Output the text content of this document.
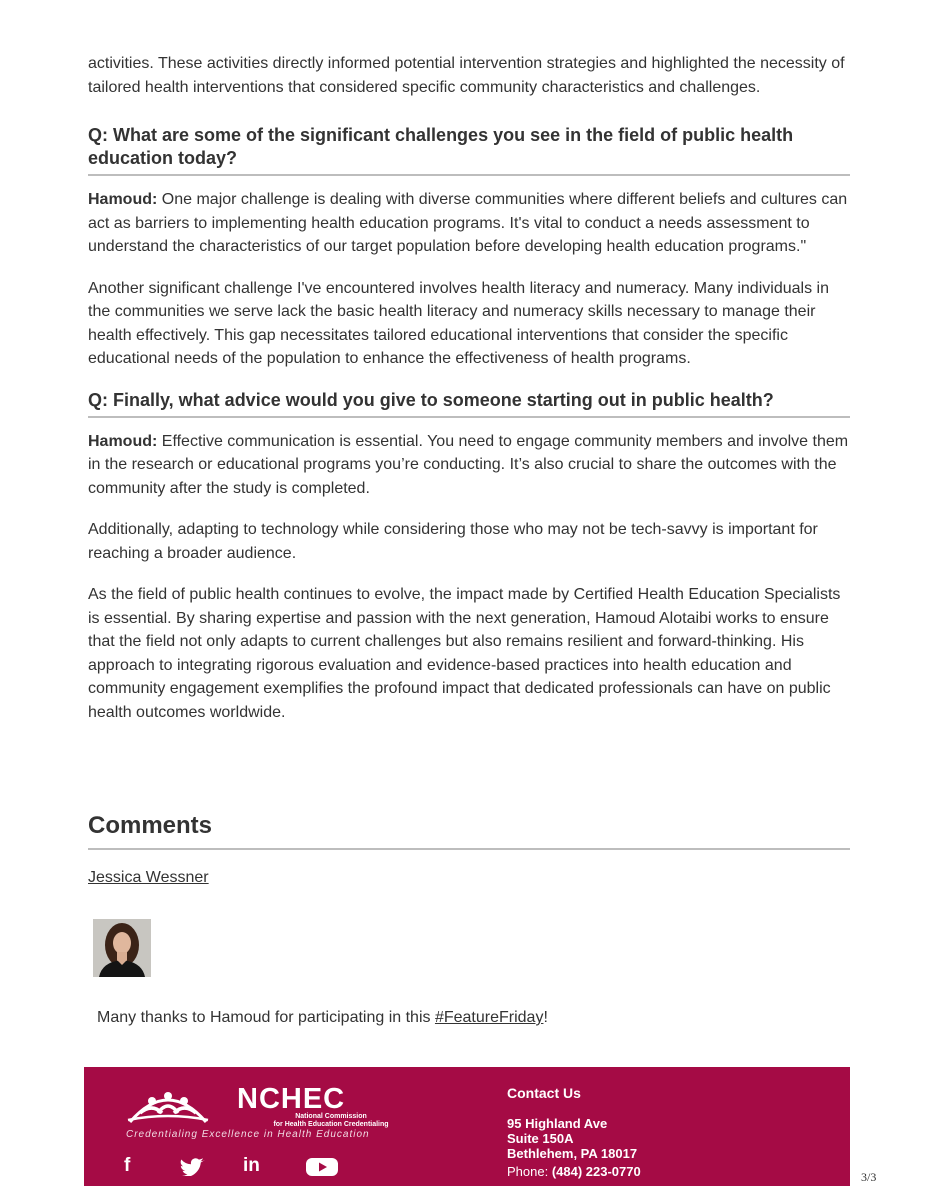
activities. These activities directly informed potential intervention strategies and highlighted the necessity of tailored health interventions that considered specific community characteristics and challenges.

Q: What are some of the significant challenges you see in the field of public health education today?

Hamoud: One major challenge is dealing with diverse communities where different beliefs and cultures can act as barriers to implementing health education programs. It's vital to conduct a needs assessment to understand the characteristics of our target population before developing health education programs."

Another significant challenge I've encountered involves health literacy and numeracy. Many individuals in the communities we serve lack the basic health literacy and numeracy skills necessary to manage their health effectively. This gap necessitates tailored educational interventions that consider the specific educational needs of the population to enhance the effectiveness of health programs.

Q: Finally, what advice would you give to someone starting out in public health?

Hamoud: Effective communication is essential. You need to engage community members and involve them in the research or educational programs you’re conducting. It’s also crucial to share the outcomes with the community after the study is completed.

Additionally, adapting to technology while considering those who may not be tech-savvy is important for reaching a broader audience.

As the field of public health continues to evolve, the impact made by Certified Health Education Specialists is essential. By sharing expertise and passion with the next generation, Hamoud Alotaibi works to ensure that the field not only adapts to current challenges but also remains resilient and forward-thinking. His approach to integrating rigorous evaluation and evidence-based practices into health education and community engagement exemplifies the profound impact that dedicated professionals can have on public health outcomes worldwide.

Comments
Jessica Wessner

Many thanks to Hamoud for participating in this #FeatureFriday!

NCHEC
National Commission
for Health Education Credentialing
Credentialing Excellence in Health Education
f	in
Contact Us
95 Highland Ave
Suite 150A
Bethlehem, PA 18017
Phone: (484) 223-0770	3/3
